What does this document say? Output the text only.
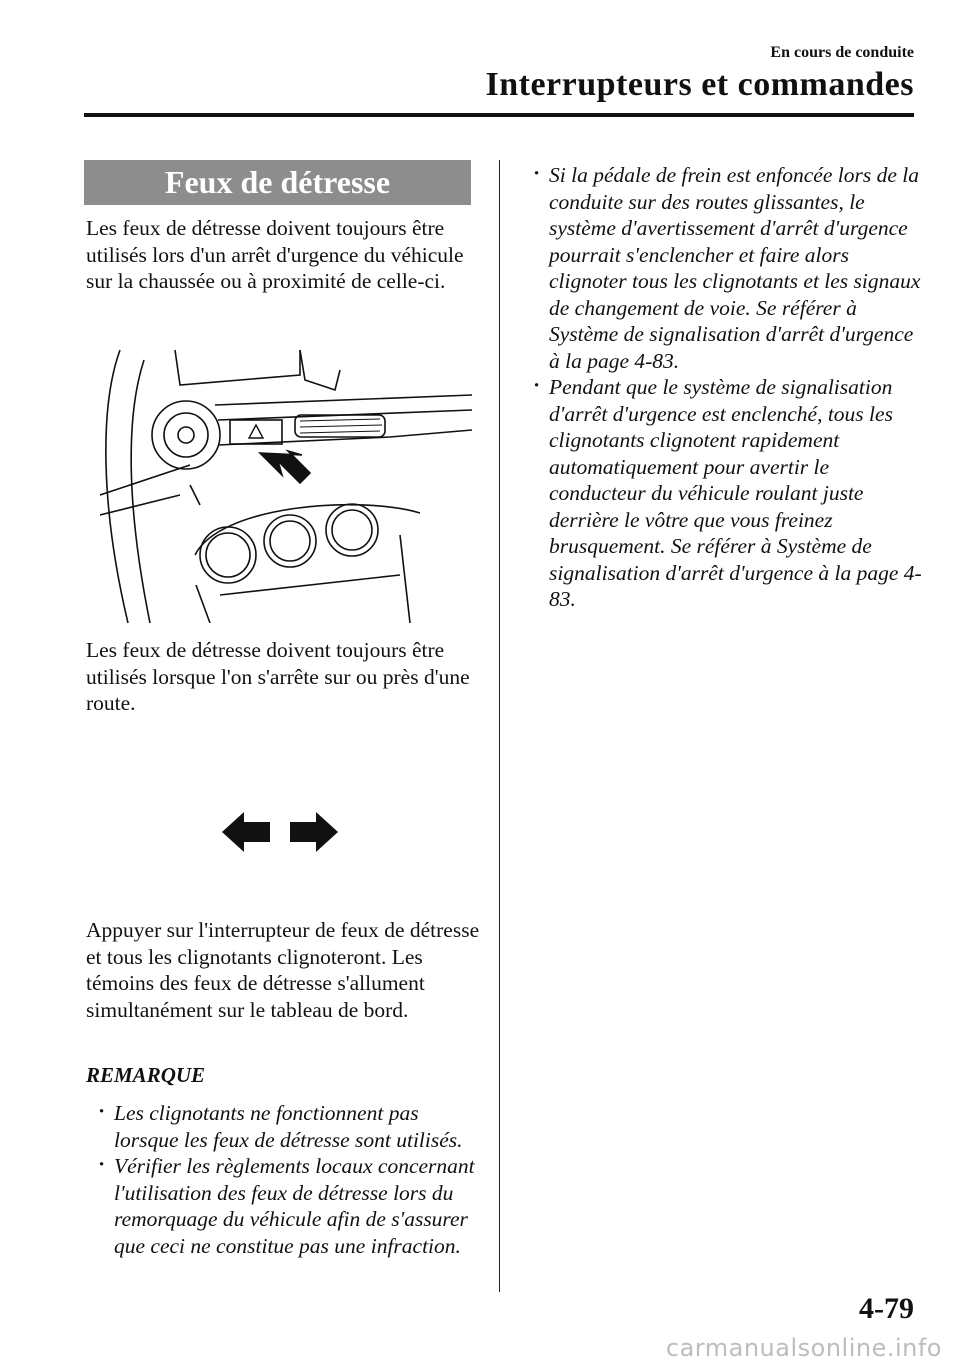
En cours de conduite
Interrupteurs et commandes
Feux de détresse

Les feux de détresse doivent toujours être utilisés lors d'un arrêt d'urgence du véhicule sur la chaussée ou à proximité de celle-ci.

Les feux de détresse doivent toujours être utilisés lorsque l'on s'arrête sur ou près d'une route.

Appuyer sur l'interrupteur de feux de détresse et tous les clignotants clignoteront. Les témoins des feux de détresse s'allument simultanément sur le tableau de bord.

REMARQUE
· Les clignotants ne fonctionnent pas lorsque les feux de détresse sont utilisés.
· Vérifier les règlements locaux concernant l'utilisation des feux de détresse lors du remorquage du véhicule afin de s'assurer que ceci ne constitue pas une infraction.
· Si la pédale de frein est enfoncée lors de la conduite sur des routes glissantes, le système d'avertissement d'arrêt d'urgence pourrait s'enclencher et faire alors clignoter tous les clignotants et les signaux de changement de voie. Se référer à Système de signalisation d'arrêt d'urgence à la page 4-83.
· Pendant que le système de signalisation d'arrêt d'urgence est enclenché, tous les clignotants clignotent rapidement automatiquement pour avertir le conducteur du véhicule roulant juste derrière le vôtre que vous freinez brusquement. Se référer à Système de signalisation d'arrêt d'urgence à la page 4-83.
4-79
carmanualsonline.info
